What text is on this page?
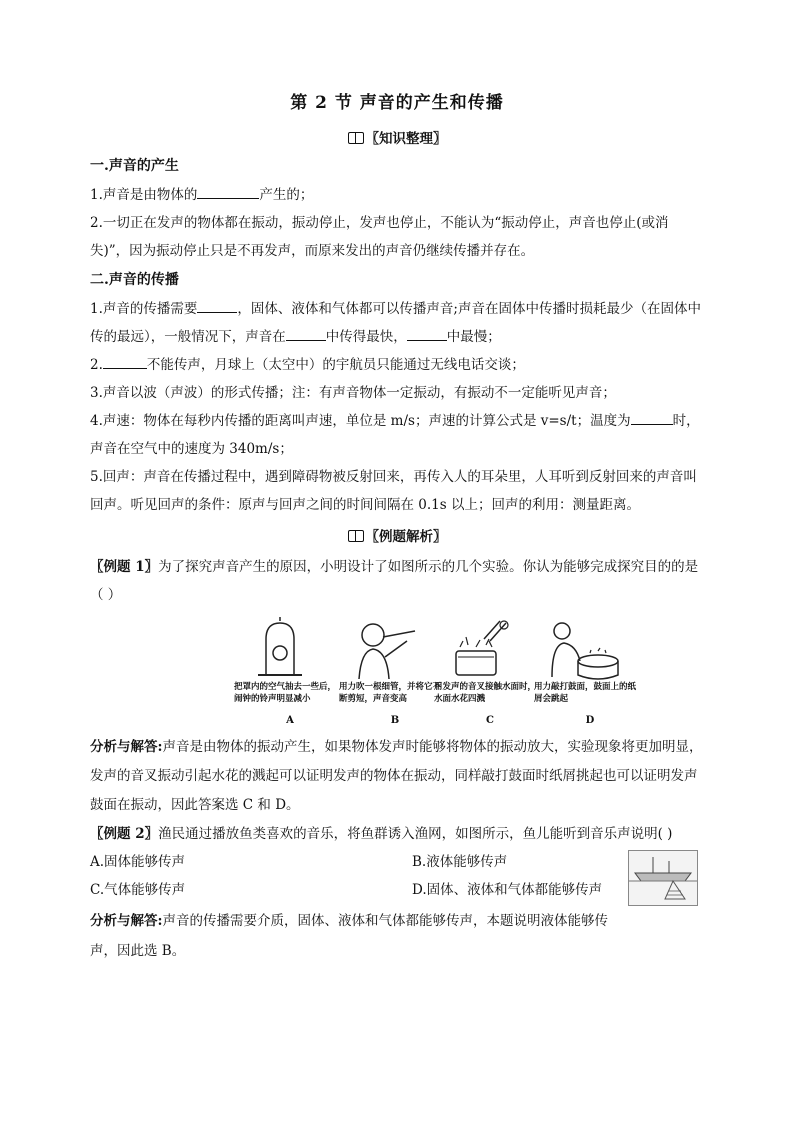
第 2 节 声音的产生和传播
〖知识整理〗
一.声音的产生

1.声音是由物体的	产生的；

2.一切正在发声的物体都在振动，振动停止，发声也停止，不能认为“振动停止，声音也停止(或消失)”，因为振动停止只是不再发声，而原来发出的声音仍继续传播并存在。

二.声音的传播

1.声音的传播需要	，固体、液体和气体都可以传播声音;声音在固体中传播时损耗最少（在固体中传的最远），一般情况下，声音在	中传得最快，	中最慢；

2.	不能传声，月球上（太空中）的宇航员只能通过无线电话交谈；

3.声音以波（声波）的形式传播；注：有声音物体一定振动，有振动不一定能听见声音；

4.声速：物体在每秒内传播的距离叫声速，单位是 m/s；声速的计算公式是 v=s/t；温度为	时，声音在空气中的速度为 340m/s；

5.回声：声音在传播过程中，遇到障碍物被反射回来，再传入人的耳朵里，人耳听到反射回来的声音叫回声。听见回声的条件：原声与回声之间的时间间隔在 0.1s 以上；回声的利用：测量距离。

〖例题解析〗

〖例题 1〗为了探究声音产生的原因，小明设计了如图所示的几个实验。你认为能够完成探究目的的是（ ）

把罩内的空气抽去一些后，闹钟的铃声明显减小
A
用力吹一根细管，并将它不断剪短，声音变高
B
用发声的音叉接触水面时，水面水花四溅
C
用力敲打鼓面，鼓面上的纸屑会跳起
D

分析与解答:声音是由物体的振动产生，如果物体发声时能够将物体的振动放大，实验现象将更加明显，发声的音叉振动引起水花的溅起可以证明发声的物体在振动，同样敲打鼓面时纸屑挑起也可以证明发声鼓面在振动，因此答案选 C 和 D。

〖例题 2〗渔民通过播放鱼类喜欢的音乐，将鱼群诱入渔网，如图所示，鱼儿能听到音乐声说明( )

A.固体能够传声	B.液体能够传声
C.气体能够传声	D.固体、液体和气体都能够传声

分析与解答:声音的传播需要介质，固体、液体和气体都能够传声，本题说明液体能够传声，因此选 B。
